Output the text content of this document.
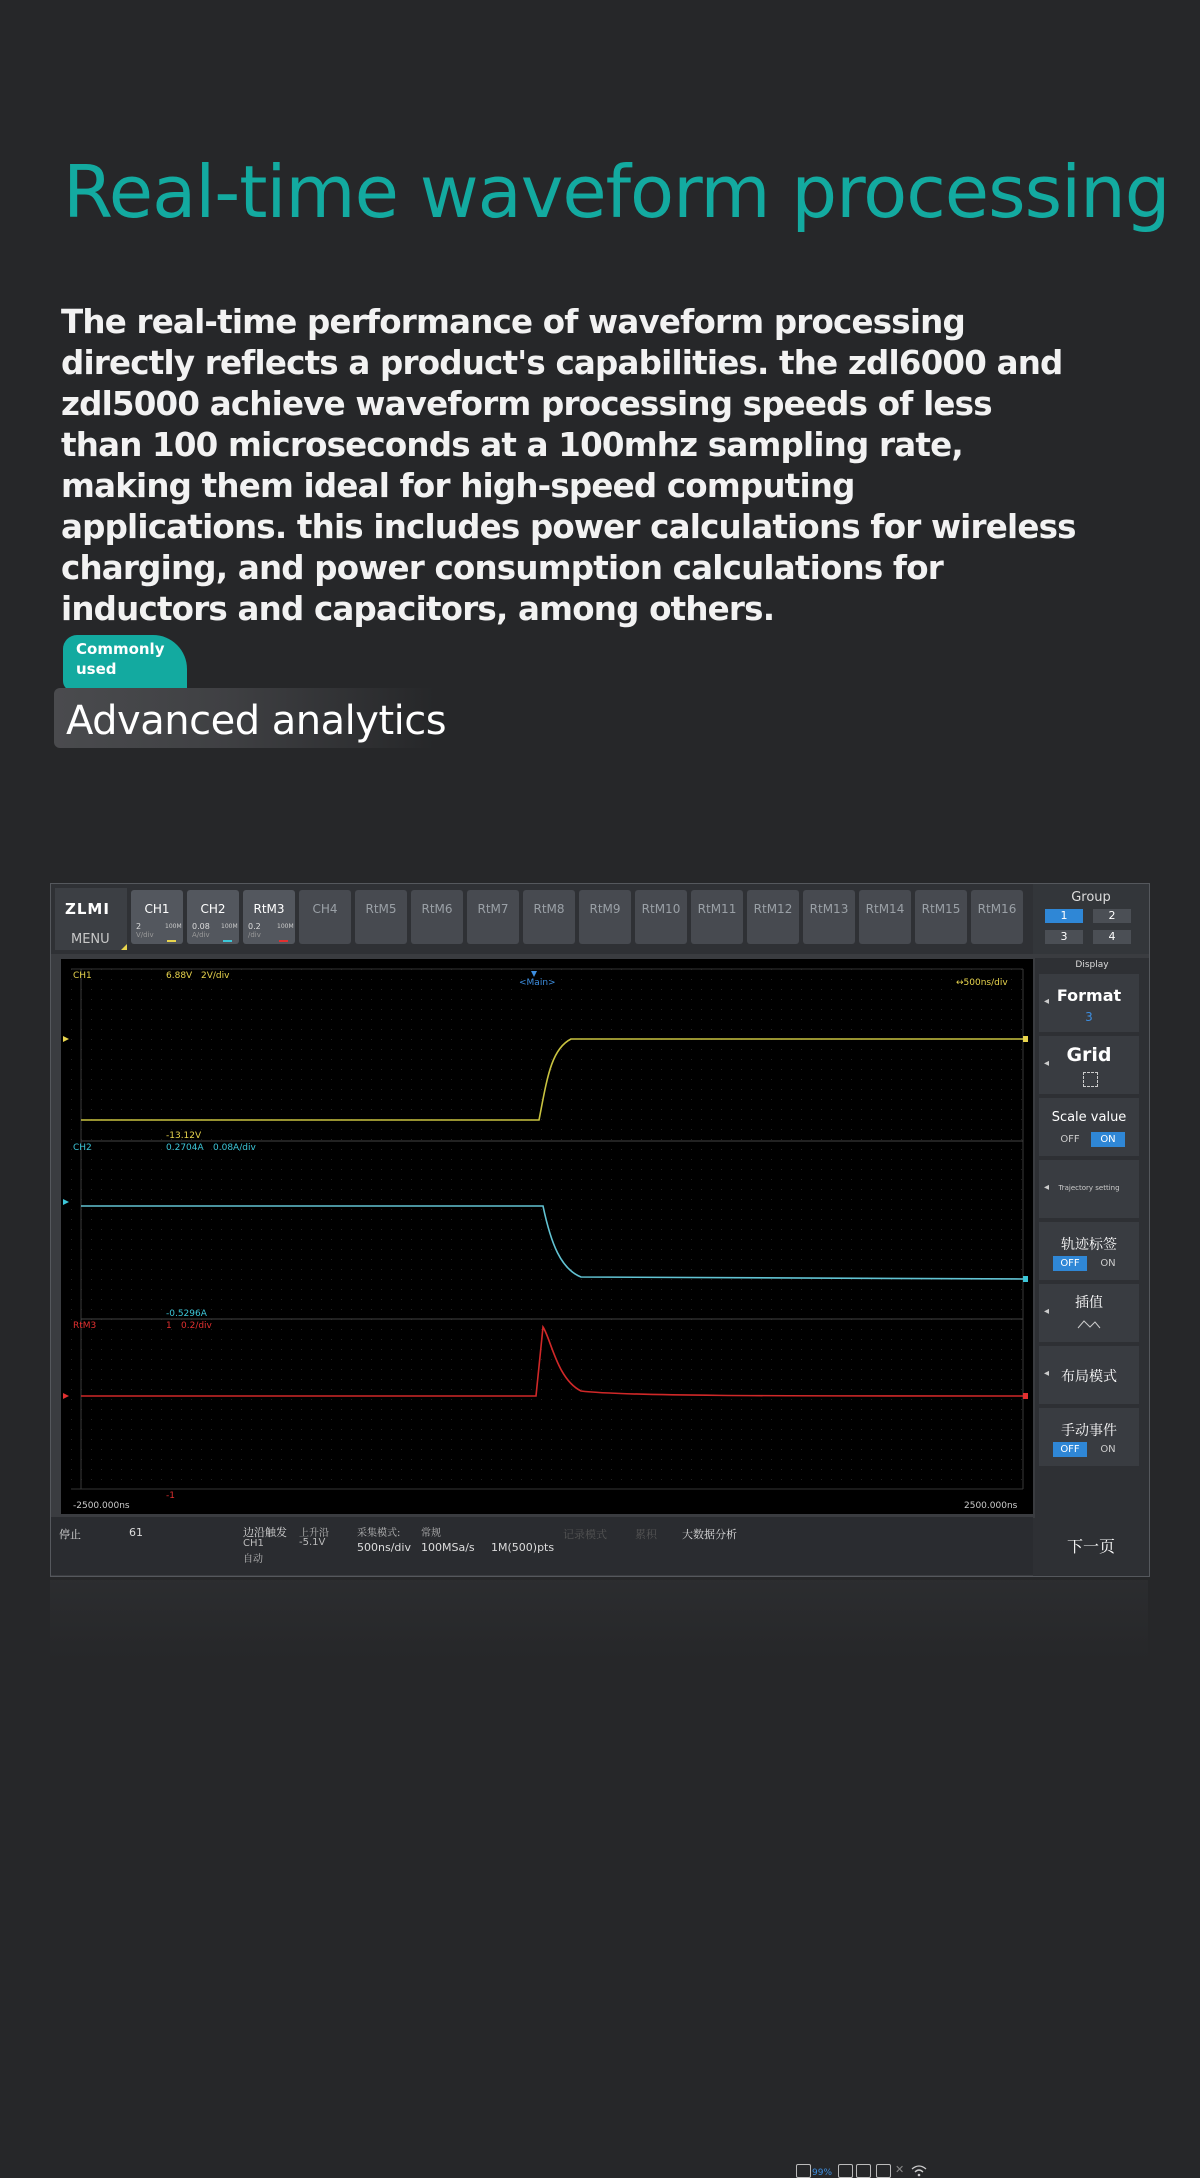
Real-time waveform processing

The real-time performance of waveform processing directly reflects a product's capabilities. the zdl6000 and zdl5000 achieve waveform processing speeds of less than 100 microseconds at a 100mhz sampling rate, making them ideal for high-speed computing applications. this includes power calculations for wireless charging, and power consumption calculations for inductors and capacitors, among others.

Commonly used
Advanced analytics
ZLMI
MENU
CH1
2
V/div
100M
CH2
0.08
A/div
100M
RtM3
0.2
/div
100M
CH4	RtM5	RtM6	RtM7	RtM8	RtM9	RtM10	RtM11	RtM12	RtM13	RtM14	RtM15	RtM16
Group
1	2
3	4
<Main>	↔500ns/div
CH1	6.88V 2V/div
-13.12V
CH2	0.2704A 0.08A/div
-0.5296A
RtM3	1 0.2/div
-1
-2500.000ns	2500.000ns
Display
◂ Format
3
◂ Grid
Scale value
OFF	ON
◂	Trajectory setting
轨迹标签
OFF	ON
◂
插值
◂ 布局模式
手动事件
OFF	ON
停止	61	边沿触发
CH1
自动
上升沿
-5.1V
采集模式: 常规
500ns/div 100MSa/s 1M(500)pts
记录模式	累积 大数据分析
99%	✕
下一页
